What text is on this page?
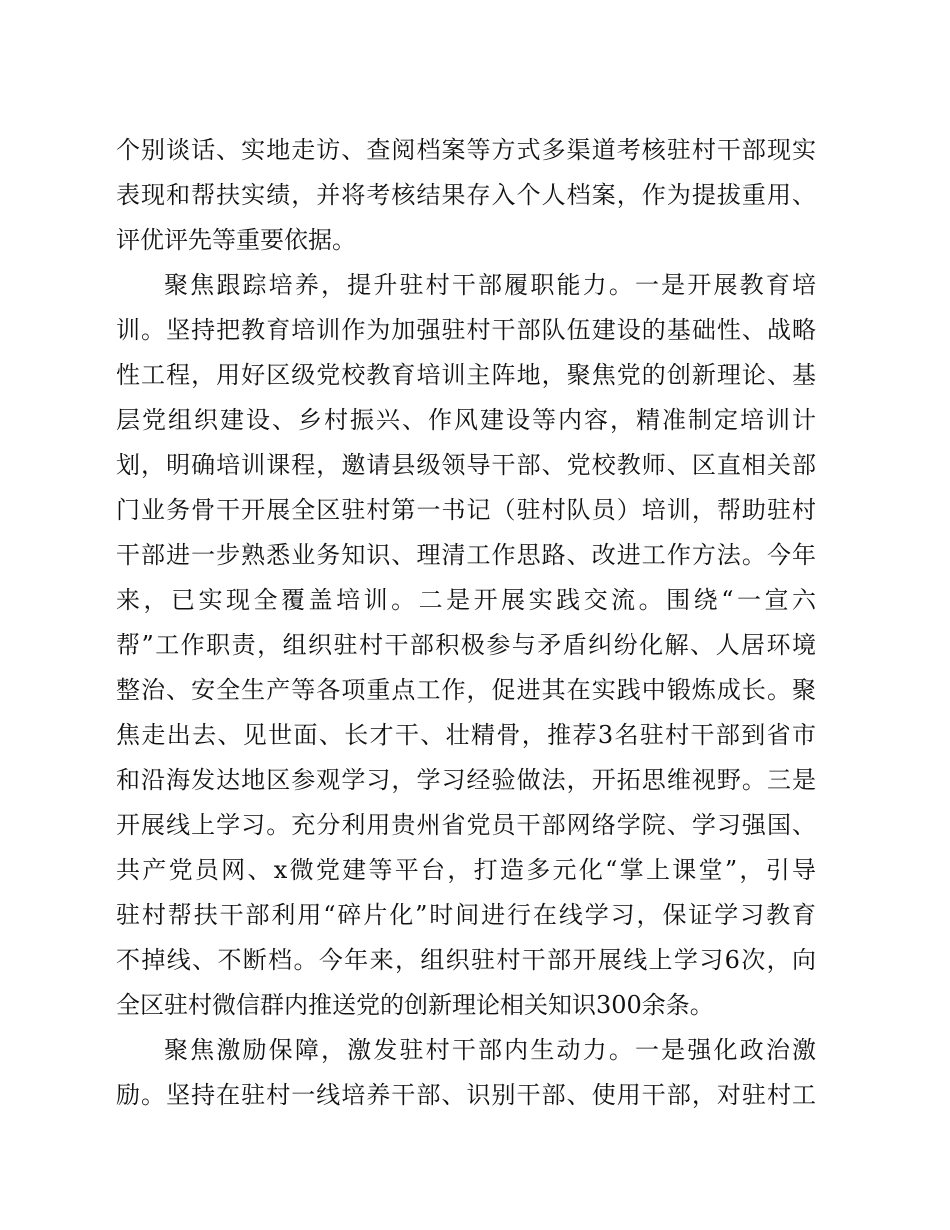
个别谈话、实地走访、查阅档案等方式多渠道考核驻村干部现实
表现和帮扶实绩，并将考核结果存入个人档案，作为提拔重用、
评优评先等重要依据。
聚焦跟踪培养，提升驻村干部履职能力。一是开展教育培
训。坚持把教育培训作为加强驻村干部队伍建设的基础性、战略
性工程，用好区级党校教育培训主阵地，聚焦党的创新理论、基
层党组织建设、乡村振兴、作风建设等内容，精准制定培训计
划，明确培训课程，邀请县级领导干部、党校教师、区直相关部
门业务骨干开展全区驻村第一书记（驻村队员）培训，帮助驻村
干部进一步熟悉业务知识、理清工作思路、改进工作方法。今年
来，已实现全覆盖培训。二是开展实践交流。围绕“一宣六
帮”工作职责，组织驻村干部积极参与矛盾纠纷化解、人居环境
整治、安全生产等各项重点工作，促进其在实践中锻炼成长。聚
焦走出去、见世面、长才干、壮精骨，推荐3名驻村干部到省市
和沿海发达地区参观学习，学习经验做法，开拓思维视野。三是
开展线上学习。充分利用贵州省党员干部网络学院、学习强国、
共产党员网、x微党建等平台，打造多元化“掌上课堂”，引导
驻村帮扶干部利用“碎片化”时间进行在线学习，保证学习教育
不掉线、不断档。今年来，组织驻村干部开展线上学习6次，向
全区驻村微信群内推送党的创新理论相关知识300余条。
聚焦激励保障，激发驻村干部内生动力。一是强化政治激
励。坚持在驻村一线培养干部、识别干部、使用干部，对驻村工
